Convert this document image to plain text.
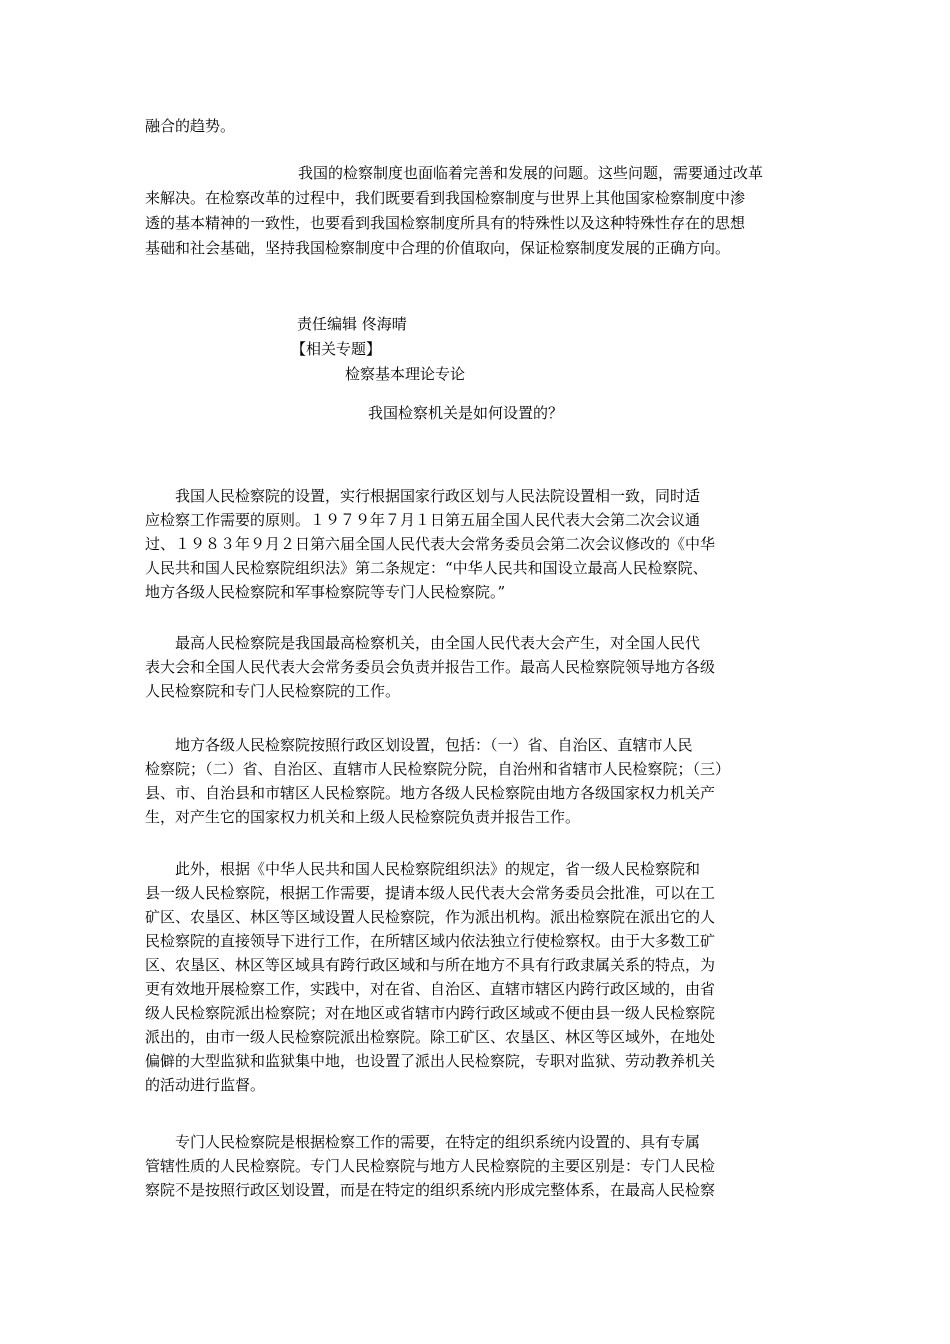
融合的趋势。

我国的检察制度也面临着完善和发展的问题。这些问题，需要通过改革

来解决。在检察改革的过程中，我们既要看到我国检察制度与世界上其他国家检察制度中渗

透的基本精神的一致性，也要看到我国检察制度所具有的特殊性以及这种特殊性存在的思想

基础和社会基础，坚持我国检察制度中合理的价值取向，保证检察制度发展的正确方向。

责任编辑 佟海晴

【相关专题】

检察基本理论专论

我国检察机关是如何设置的？

　　我国人民检察院的设置，实行根据国家行政区划与人民法院设置相一致，同时适

应检察工作需要的原则。１９７９年７月１日第五届全国人民代表大会第二次会议通

过、１９８３年９月２日第六届全国人民代表大会常务委员会第二次会议修改的《中华

人民共和国人民检察院组织法》第二条规定：“中华人民共和国设立最高人民检察院、

地方各级人民检察院和军事检察院等专门人民检察院。”

　　最高人民检察院是我国最高检察机关，由全国人民代表大会产生，对全国人民代

表大会和全国人民代表大会常务委员会负责并报告工作。最高人民检察院领导地方各级

人民检察院和专门人民检察院的工作。

　　地方各级人民检察院按照行政区划设置，包括：（一）省、自治区、直辖市人民

检察院；（二）省、自治区、直辖市人民检察院分院，自治州和省辖市人民检察院；（三）

县、市、自治县和市辖区人民检察院。地方各级人民检察院由地方各级国家权力机关产

生，对产生它的国家权力机关和上级人民检察院负责并报告工作。

　　此外，根据《中华人民共和国人民检察院组织法》的规定，省一级人民检察院和

县一级人民检察院，根据工作需要，提请本级人民代表大会常务委员会批准，可以在工

矿区、农垦区、林区等区域设置人民检察院，作为派出机构。派出检察院在派出它的人

民检察院的直接领导下进行工作，在所辖区域内依法独立行使检察权。由于大多数工矿

区、农垦区、林区等区域具有跨行政区域和与所在地方不具有行政隶属关系的特点，为

更有效地开展检察工作，实践中，对在省、自治区、直辖市辖区内跨行政区域的，由省

级人民检察院派出检察院；对在地区或省辖市内跨行政区域或不便由县一级人民检察院

派出的，由市一级人民检察院派出检察院。除工矿区、农垦区、林区等区域外，在地处

偏僻的大型监狱和监狱集中地，也设置了派出人民检察院，专职对监狱、劳动教养机关

的活动进行监督。

　　专门人民检察院是根据检察工作的需要，在特定的组织系统内设置的、具有专属

管辖性质的人民检察院。专门人民检察院与地方人民检察院的主要区别是：专门人民检

察院不是按照行政区划设置，而是在特定的组织系统内形成完整体系，在最高人民检察
